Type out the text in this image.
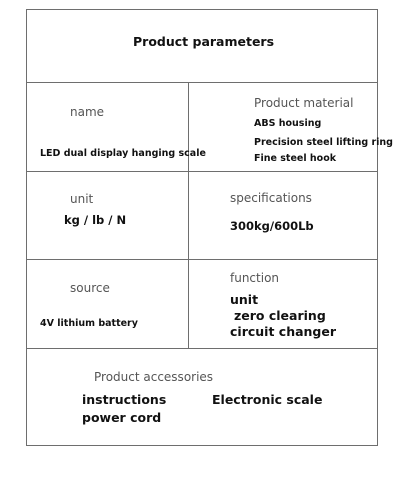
Product parameters
name
LED dual display hanging scale
Product material
ABS housing
Precision steel lifting ring
Fine steel hook
unit
kg / lb / N
specifications
300kg/600Lb
source
4V lithium battery
function
unit
zero clearing
circuit changer
Product accessories
instructions	Electronic scale
power cord
